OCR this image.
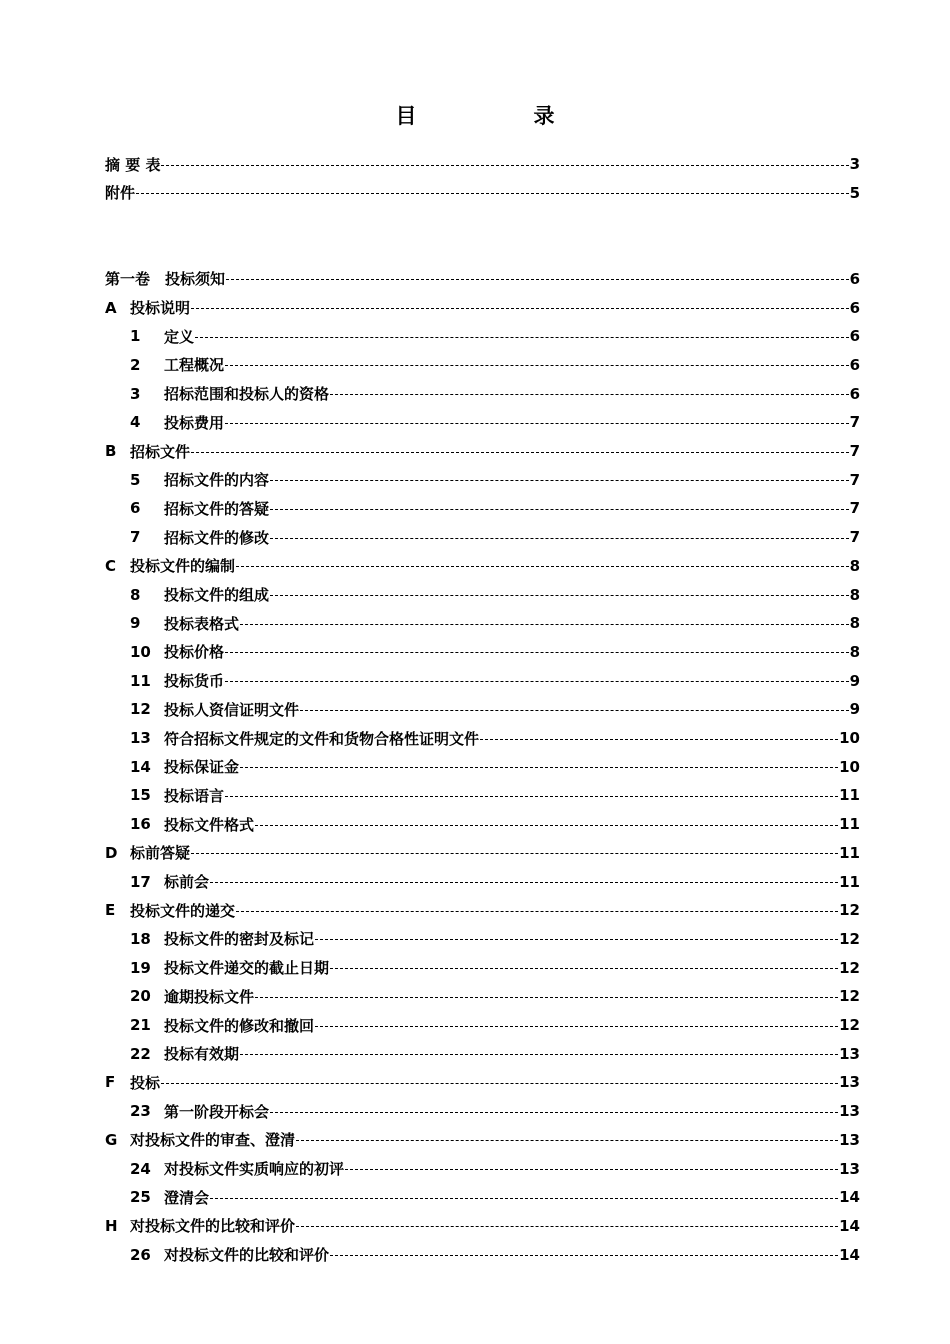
目　录
摘 要 表	3
附件	5
第一卷　投标须知	6
A 投标说明	6
1	定义	6
2	工程概况	6
3	招标范围和投标人的资格	6
4	投标费用	7
B 招标文件	7
5	招标文件的内容	7
6	招标文件的答疑	7
7	招标文件的修改	7
C 投标文件的编制	8
8	投标文件的组成	8
9	投标表格式	8
10 投标价格	8
11 投标货币	9
12 投标人资信证明文件	9
13 符合招标文件规定的文件和货物合格性证明文件	10
14 投标保证金	10
15 投标语言	11
16 投标文件格式	11
D 标前答疑	11
17 标前会	11
E 投标文件的递交	12
18 投标文件的密封及标记	12
19 投标文件递交的截止日期	12
20 逾期投标文件	12
21 投标文件的修改和撤回	12
22 投标有效期	13
F 投标	13
23 第一阶段开标会	13
G 对投标文件的审查、澄清	13
24 对投标文件实质响应的初评	13
25 澄清会	14
H 对投标文件的比较和评价	14
26 对投标文件的比较和评价	14
